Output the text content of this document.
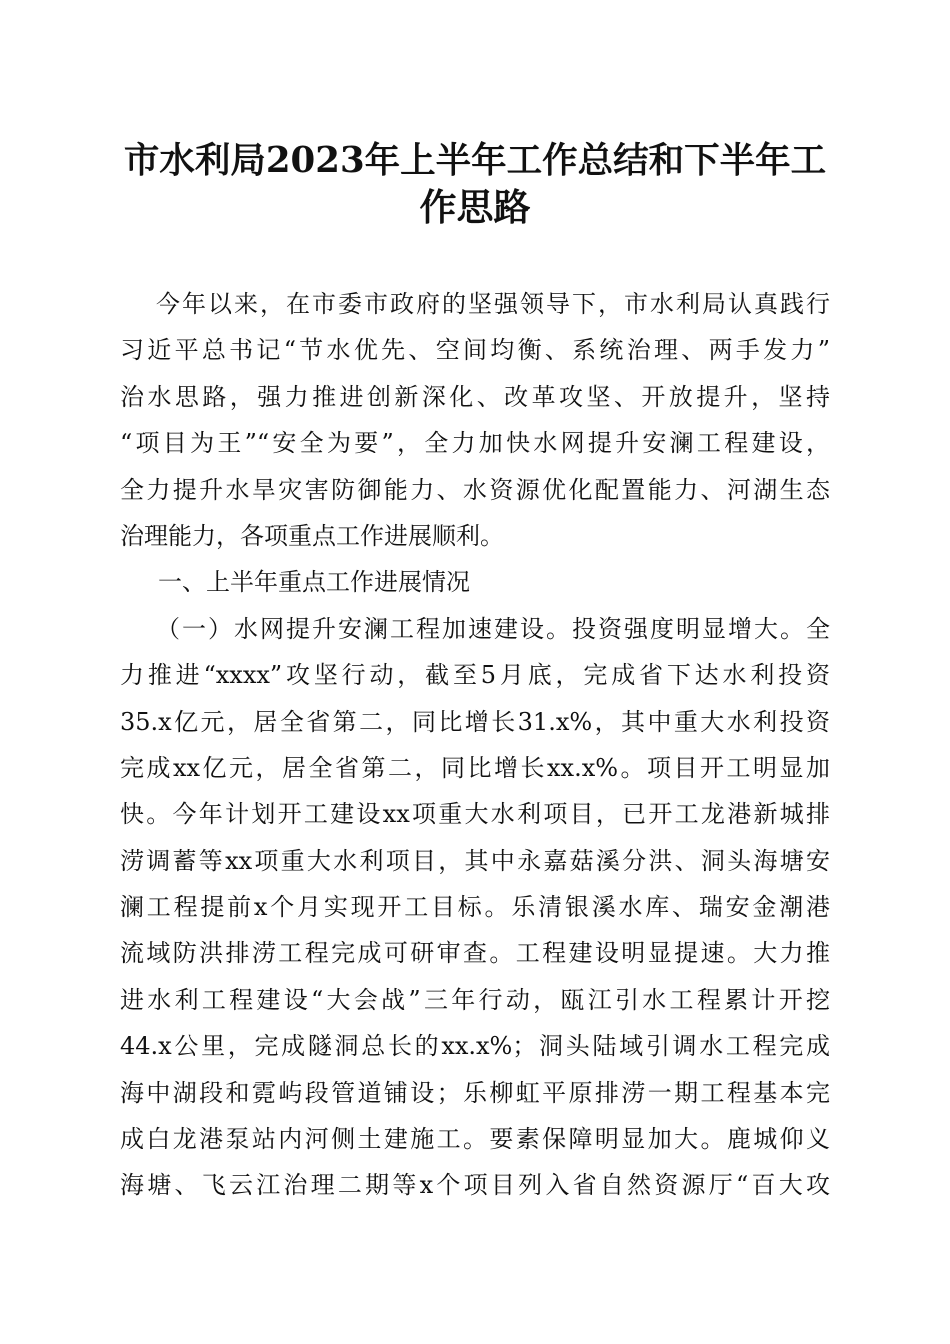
市水利局2023年上半年工作总结和下半年工
作思路
今年以来，在市委市政府的坚强领导下，市水利局认真践行
习近平总书记“节水优先、空间均衡、系统治理、两手发力”
治水思路，强力推进创新深化、改革攻坚、开放提升，坚持
“项目为王”“安全为要”，全力加快水网提升安澜工程建设，
全力提升水旱灾害防御能力、水资源优化配置能力、河湖生态
治理能力，各项重点工作进展顺利。
一、上半年重点工作进展情况
（一）水网提升安澜工程加速建设。投资强度明显增大。全
力推进“xxxx”攻坚行动，截至5月底，完成省下达水利投资
35.x亿元，居全省第二，同比增长31.x%，其中重大水利投资
完成xx亿元，居全省第二，同比增长xx.x%。项目开工明显加
快。今年计划开工建设xx项重大水利项目，已开工龙港新城排
涝调蓄等xx项重大水利项目，其中永嘉菇溪分洪、洞头海塘安
澜工程提前x个月实现开工目标。乐清银溪水库、瑞安金潮港
流域防洪排涝工程完成可研审查。工程建设明显提速。大力推
进水利工程建设“大会战”三年行动，瓯江引水工程累计开挖
44.x公里，完成隧洞总长的xx.x%；洞头陆域引调水工程完成
海中湖段和霓屿段管道铺设；乐柳虹平原排涝一期工程基本完
成白龙港泵站内河侧土建施工。要素保障明显加大。鹿城仰义
海塘、飞云江治理二期等x个项目列入省自然资源厅“百大攻
